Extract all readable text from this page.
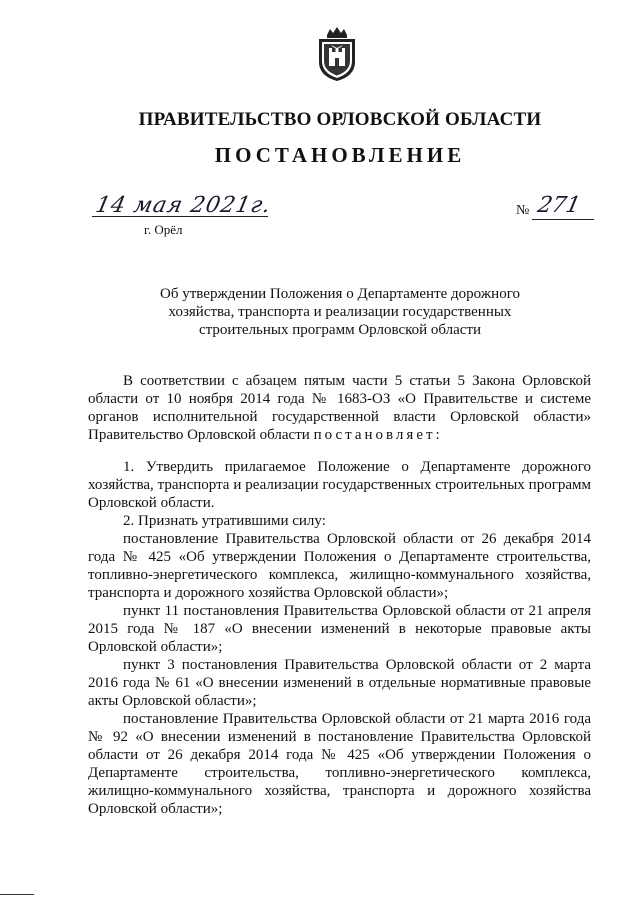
ПРАВИТЕЛЬСТВО ОРЛОВСКОЙ ОБЛАСТИ
ПОСТАНОВЛЕНИЕ
14 мая 2021г.
г. Орёл
№ 271
Об утверждении Положения о Департаменте дорожного
хозяйства, транспорта и реализации государственных
строительных программ Орловской области

В соответствии с абзацем пятым части 5 статьи 5 Закона Орловской области от 10 ноября 2014 года № 1683-ОЗ «О Правительстве и системе органов исполнительной государственной власти Орловской области» Правительство Орловской области постановляет:

1. Утвердить прилагаемое Положение о Департаменте дорожного хозяйства, транспорта и реализации государственных строительных программ Орловской области.

2. Признать утратившими силу:

постановление Правительства Орловской области от 26 декабря 2014 года № 425 «Об утверждении Положения о Департаменте строительства, топливно-энергетического комплекса, жилищно-коммунального хозяйства, транспорта и дорожного хозяйства Орловской области»;

пункт 11 постановления Правительства Орловской области от 21 апреля 2015 года № 187 «О внесении изменений в некоторые правовые акты Орловской области»;

пункт 3 постановления Правительства Орловской области от 2 марта 2016 года № 61 «О внесении изменений в отдельные нормативные правовые акты Орловской области»;

постановление Правительства Орловской области от 21 марта 2016 года № 92 «О внесении изменений в постановление Правительства Орловской области от 26 декабря 2014 года № 425 «Об утверждении Положения о Департаменте строительства, топливно-энергетического комплекса, жилищно-коммунального хозяйства, транспорта и дорожного хозяйства Орловской области»;
